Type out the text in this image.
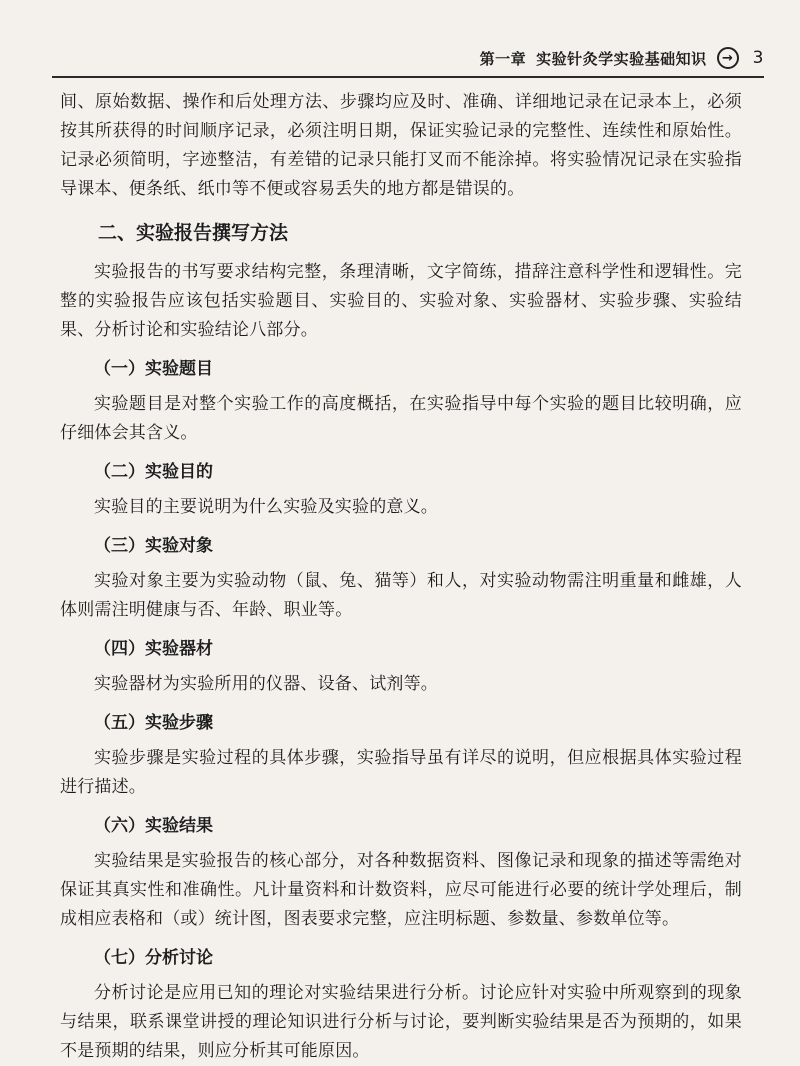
第一章 实验针灸学实验基础知识	→	3

间、原始数据、操作和后处理方法、步骤均应及时、准确、详细地记录在记录本上，必须按其所获得的时间顺序记录，必须注明日期，保证实验记录的完整性、连续性和原始性。记录必须简明，字迹整洁，有差错的记录只能打叉而不能涂掉。将实验情况记录在实验指导课本、便条纸、纸巾等不便或容易丢失的地方都是错误的。

二、实验报告撰写方法

实验报告的书写要求结构完整，条理清晰，文字简练，措辞注意科学性和逻辑性。完整的实验报告应该包括实验题目、实验目的、实验对象、实验器材、实验步骤、实验结果、分析讨论和实验结论八部分。

（一）实验题目

实验题目是对整个实验工作的高度概括，在实验指导中每个实验的题目比较明确，应仔细体会其含义。

（二）实验目的

实验目的主要说明为什么实验及实验的意义。

（三）实验对象

实验对象主要为实验动物（鼠、兔、猫等）和人，对实验动物需注明重量和雌雄，人体则需注明健康与否、年龄、职业等。

（四）实验器材

实验器材为实验所用的仪器、设备、试剂等。

（五）实验步骤

实验步骤是实验过程的具体步骤，实验指导虽有详尽的说明，但应根据具体实验过程进行描述。

（六）实验结果

实验结果是实验报告的核心部分，对各种数据资料、图像记录和现象的描述等需绝对保证其真实性和准确性。凡计量资料和计数资料，应尽可能进行必要的统计学处理后，制成相应表格和（或）统计图，图表要求完整，应注明标题、参数量、参数单位等。

（七）分析讨论

分析讨论是应用已知的理论对实验结果进行分析。讨论应针对实验中所观察到的现象与结果，联系课堂讲授的理论知识进行分析与讨论，要判断实验结果是否为预期的，如果不是预期的结果，则应分析其可能原因。
